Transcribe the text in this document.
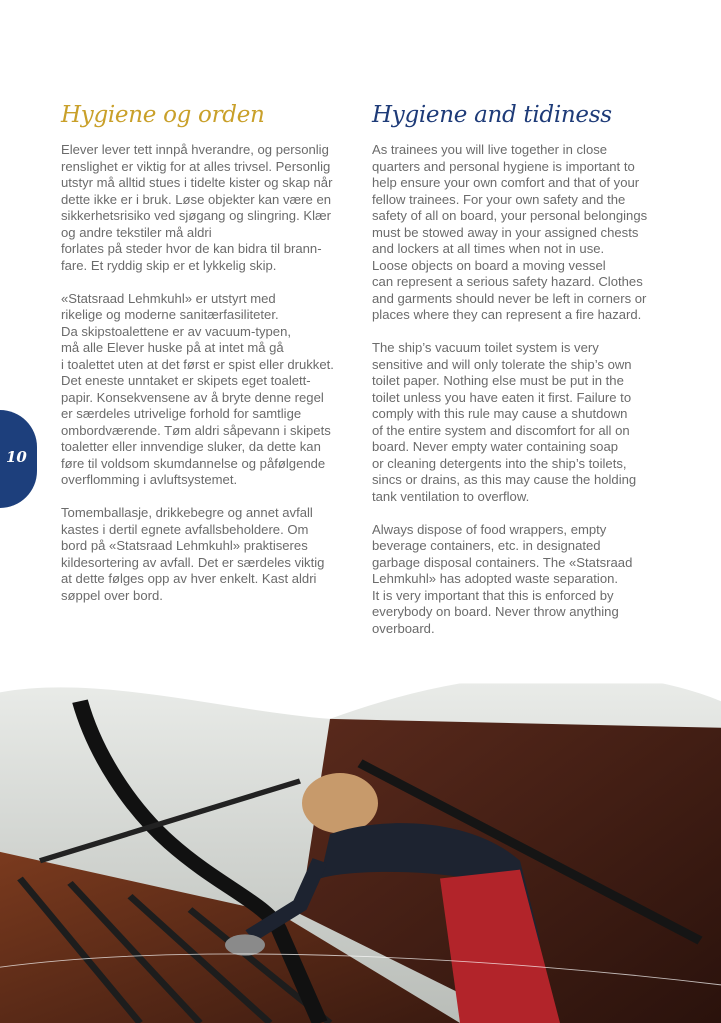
Hygiene og orden
Elever lever tett innpå hverandre, og personlig
renslighet er viktig for at alles trivsel. Personlig
utstyr må alltid stues i tidelte kister og skap når
dette ikke er i bruk. Løse objekter kan være en
sikkerhetsrisiko ved sjøgang og slingring. Klær
og andre tekstiler må aldri
forlates på steder hvor de kan bidra til brann-
fare. Et ryddig skip er et lykkelig skip.
«Statsraad Lehmkuhl» er utstyrt med
rikelige og moderne sanitærfasiliteter.
Da skipstoalettene er av vacuum-typen,
må alle Elever huske på at intet må gå
i toalettet uten at det først er spist eller drukket.
Det eneste unntaket er skipets eget toalett-
papir. Konsekvensene av å bryte denne regel
er særdeles utrivelige forhold for samtlige
ombordværende. Tøm aldri såpevann i skipets
toaletter eller innvendige sluker, da dette kan
føre til voldsom skumdannelse og påfølgende
overflomming i avluftsystemet.
Tomemballasje, drikkebegre og annet avfall
kastes i dertil egnete avfallsbeholdere. Om
bord på «Statsraad Lehmkuhl» praktiseres
kildesortering av avfall. Det er særdeles viktig
at dette følges opp av hver enkelt. Kast aldri
søppel over bord.
Hygiene and tidiness
As trainees you will live together in close
quarters and personal hygiene is important to
help ensure your own comfort and that of your
fellow trainees. For your own safety and the
safety of all on board, your personal belongings
must be stowed away in your assigned chests
and lockers at all times when not in use.
Loose objects on board a moving vessel
can represent a serious safety hazard. Clothes
and garments should never be left in corners or
places where they can represent a fire hazard.
The ship’s vacuum toilet system is very
sensitive and will only tolerate the ship’s own
toilet paper. Nothing else must be put in the
toilet unless you have eaten it first. Failure to
comply with this rule may cause a shutdown
of the entire system and discomfort for all on
board. Never empty water containing soap
or cleaning detergents into the ship’s toilets,
sincs or drains, as this may cause the holding
tank ventilation to overflow.
Always dispose of food wrappers, empty
beverage containers, etc. in designated
garbage disposal containers. The «Statsraad
Lehmkuhl» has adopted waste separation.
It is very important that this is enforced by
everybody on board. Never throw anything
overboard.
10
